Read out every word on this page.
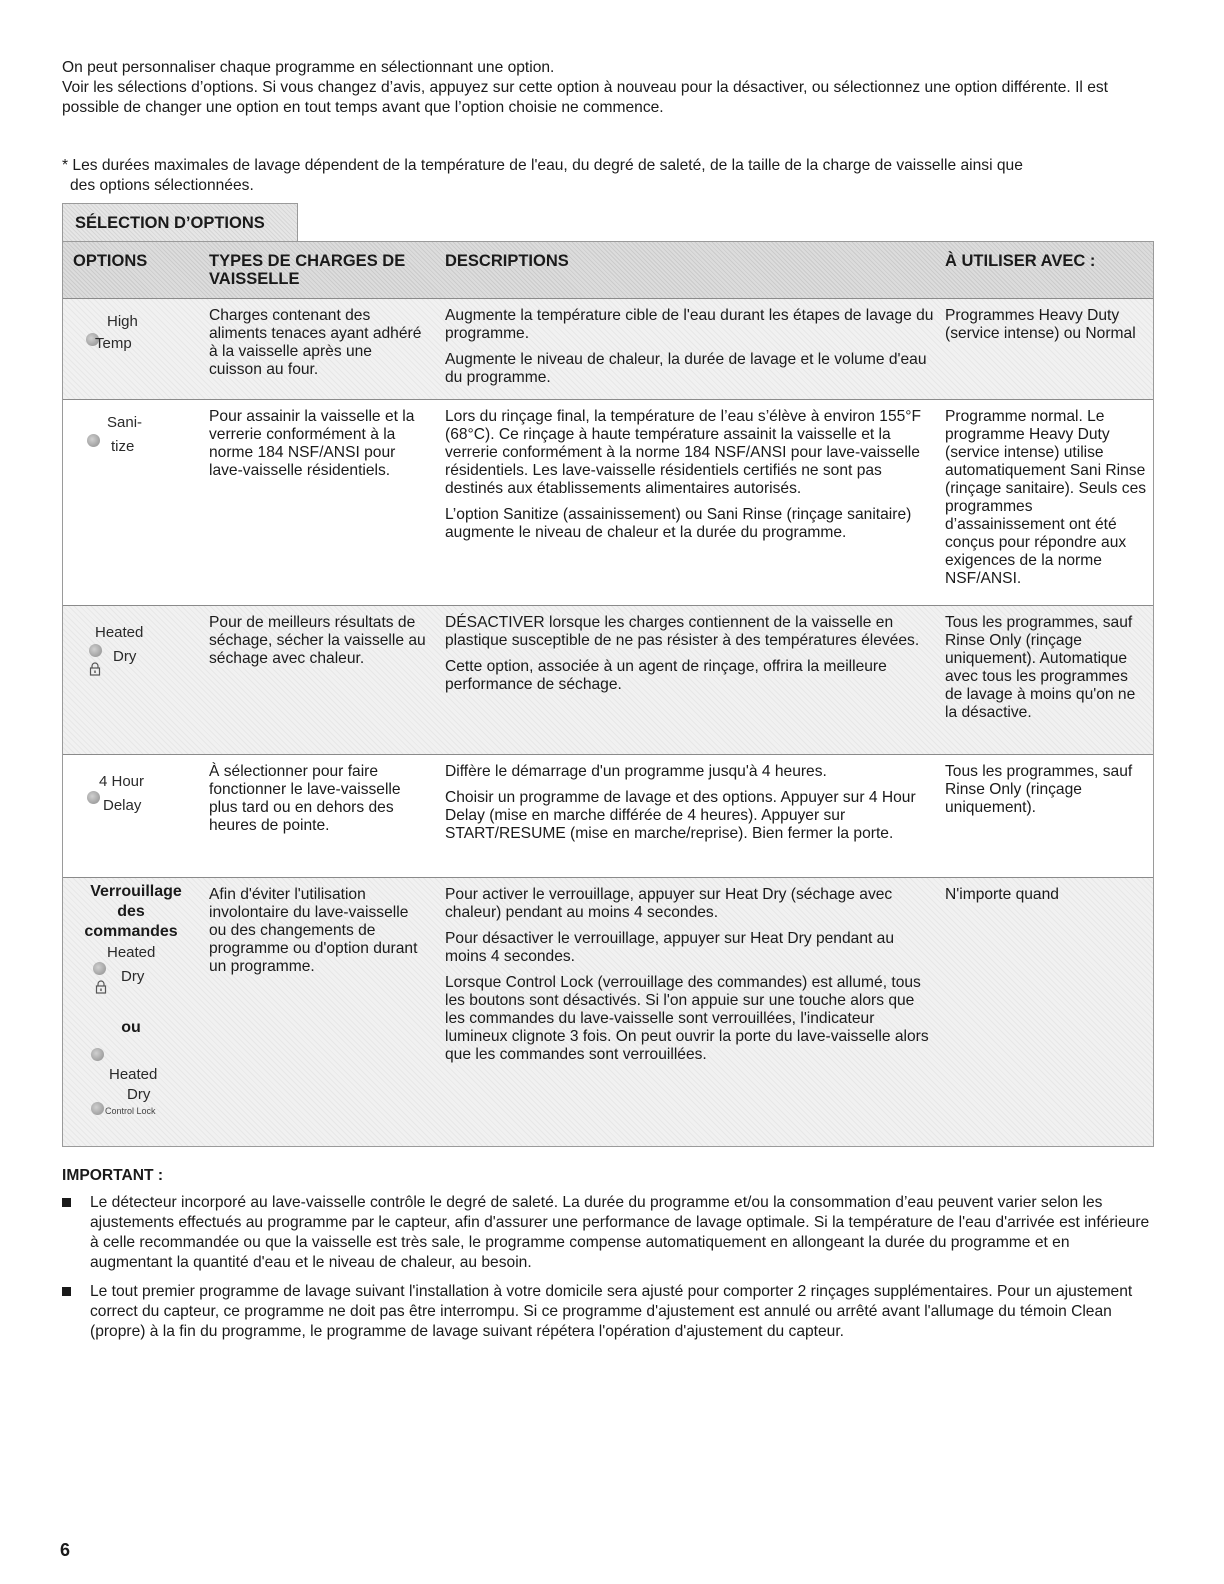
On peut personnaliser chaque programme en sélectionnant une option.

Voir les sélections d’options. Si vous changez d’avis, appuyez sur cette option à nouveau pour la désactiver, ou sélectionnez une option différente. Il est possible de changer une option en tout temps avant que l’option choisie ne commence.

* Les durées maximales de lavage dépendent de la température de l'eau, du degré de saleté, de la taille de la charge de vaisselle ainsi que
des options sélectionnées.
SÉLECTION D’OPTIONS
OPTIONS	TYPES DE CHARGES DE VAISSELLE
DESCRIPTIONS	À UTILISER AVEC :
High
Temp
Charges contenant des aliments tenaces ayant adhéré à la vaisselle après une cuisson au four.

Augmente la température cible de l'eau durant les étapes de lavage du programme.

Augmente le niveau de chaleur, la durée de lavage et le volume d'eau du programme.

Programmes Heavy Duty (service intense) ou Normal
Sani-
tize
Pour assainir la vaisselle et la verrerie conformément à la norme 184 NSF/ANSI pour lave-vaisselle résidentiels.

Lors du rinçage final, la température de l’eau s’élève à environ 155°F (68°C). Ce rinçage à haute température assainit la vaisselle et la verrerie conformément à la norme 184 NSF/ANSI pour lave-vaisselle résidentiels. Les lave-vaisselle résidentiels certifiés ne sont pas destinés aux établissements alimentaires autorisés.

L’option Sanitize (assainissement) ou Sani Rinse (rinçage sanitaire) augmente le niveau de chaleur et la durée du programme.

Programme normal. Le programme Heavy Duty (service intense) utilise automatiquement Sani Rinse (rinçage sanitaire). Seuls ces programmes d’assainissement ont été conçus pour répondre aux exigences de la norme NSF/ANSI.
Heated
Dry
Pour de meilleurs résultats de séchage, sécher la vaisselle au séchage avec chaleur.

DÉSACTIVER lorsque les charges contiennent de la vaisselle en plastique susceptible de ne pas résister à des températures élevées.

Cette option, associée à un agent de rinçage, offrira la meilleure performance de séchage.

Tous les programmes, sauf Rinse Only (rinçage uniquement). Automatique avec tous les programmes de lavage à moins qu'on ne la désactive.
4 Hour
Delay
À sélectionner pour faire fonctionner le lave-vaisselle plus tard ou en dehors des heures de pointe.

Diffère le démarrage d'un programme jusqu'à 4 heures.

Choisir un programme de lavage et des options. Appuyer sur 4 Hour Delay (mise en marche différée de 4 heures). Appuyer sur START/RESUME (mise en marche/reprise). Bien fermer la porte.

Tous les programmes, sauf Rinse Only (rinçage uniquement).
Verrouillage
des
commandes
Heated
Dry
ou
Heated
Dry
Control Lock
Afin d'éviter l'utilisation involontaire du lave-vaisselle ou des changements de programme ou d'option durant un programme.

Pour activer le verrouillage, appuyer sur Heat Dry (séchage avec chaleur) pendant au moins 4 secondes.

Pour désactiver le verrouillage, appuyer sur Heat Dry pendant au moins 4 secondes.

Lorsque Control Lock (verrouillage des commandes) est allumé, tous les boutons sont désactivés. Si l'on appuie sur une touche alors que les commandes du lave-vaisselle sont verrouillées, l'indicateur lumineux clignote 3 fois. On peut ouvrir la porte du lave-vaisselle alors que les commandes sont verrouillées.

N'importe quand
IMPORTANT :
Le détecteur incorporé au lave-vaisselle contrôle le degré de saleté. La durée du programme et/ou la consommation d’eau peuvent varier selon les ajustements effectués au programme par le capteur, afin d'assurer une performance de lavage optimale. Si la température de l'eau d'arrivée est inférieure à celle recommandée ou que la vaisselle est très sale, le programme compense automatiquement en allongeant la durée du programme et en augmentant la quantité d'eau et le niveau de chaleur, au besoin.
Le tout premier programme de lavage suivant l'installation à votre domicile sera ajusté pour comporter 2 rinçages supplémentaires. Pour un ajustement correct du capteur, ce programme ne doit pas être interrompu. Si ce programme d'ajustement est annulé ou arrêté avant l'allumage du témoin Clean (propre) à la fin du programme, le programme de lavage suivant répétera l'opération d'ajustement du capteur.
6
